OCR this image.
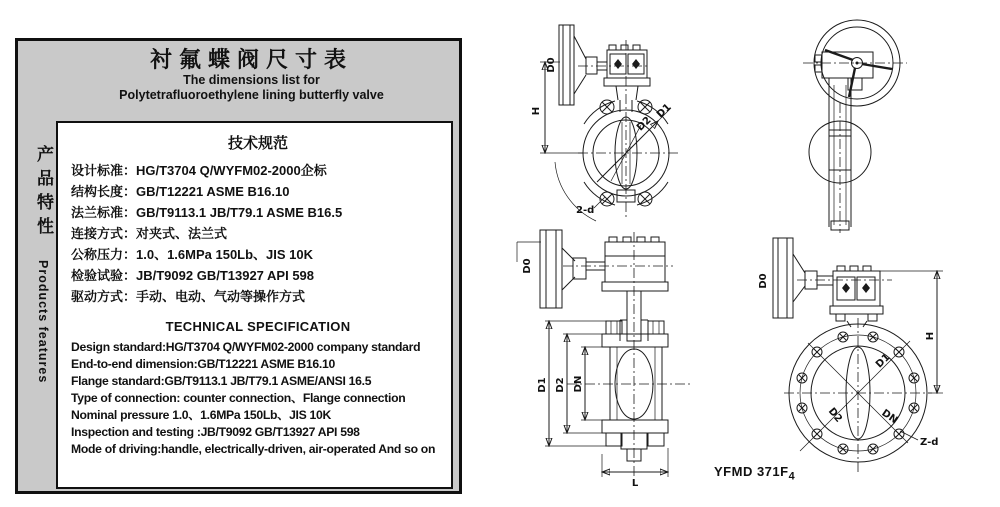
衬氟蝶阀尺寸表
The dimensions list for
Polytetrafluoroethylene lining butterfly valve
产品特性 Products features
技术规范
设计标准：HG/T3704 Q/WYFM02-2000企标
结构长度：GB/T12221 ASME B16.10
法兰标准：GB/T9113.1 JB/T79.1 ASME B16.5
连接方式：对夹式、法兰式
公称压力：1.0、1.6MPa 150Lb、JIS 10K
检验试验：JB/T9092 GB/T13927 API 598
驱动方式：手动、电动、气动等操作方式
TECHNICAL SPECIFICATION
Design standard:HG/T3704 Q/WYFM02-2000 company standard
End-to-end dimension:GB/T12221 ASME B16.10
Flange standard:GB/T9113.1 JB/T79.1 ASME/ANSI 16.5
Type of connection: counter connection、Flange connection
Nominal pressure 1.0、1.6MPa 150Lb、JIS 10K
Inspection and testing :JB/T9092 GB/T13927 API 598
Mode of driving:handle, electrically-driven, air-operated And so on
H
D0
D2
D1
2-d
D0
D1 D2 DN
L
H
D0
D1
DN
D2
Z-d
YFMD $371F_4$
